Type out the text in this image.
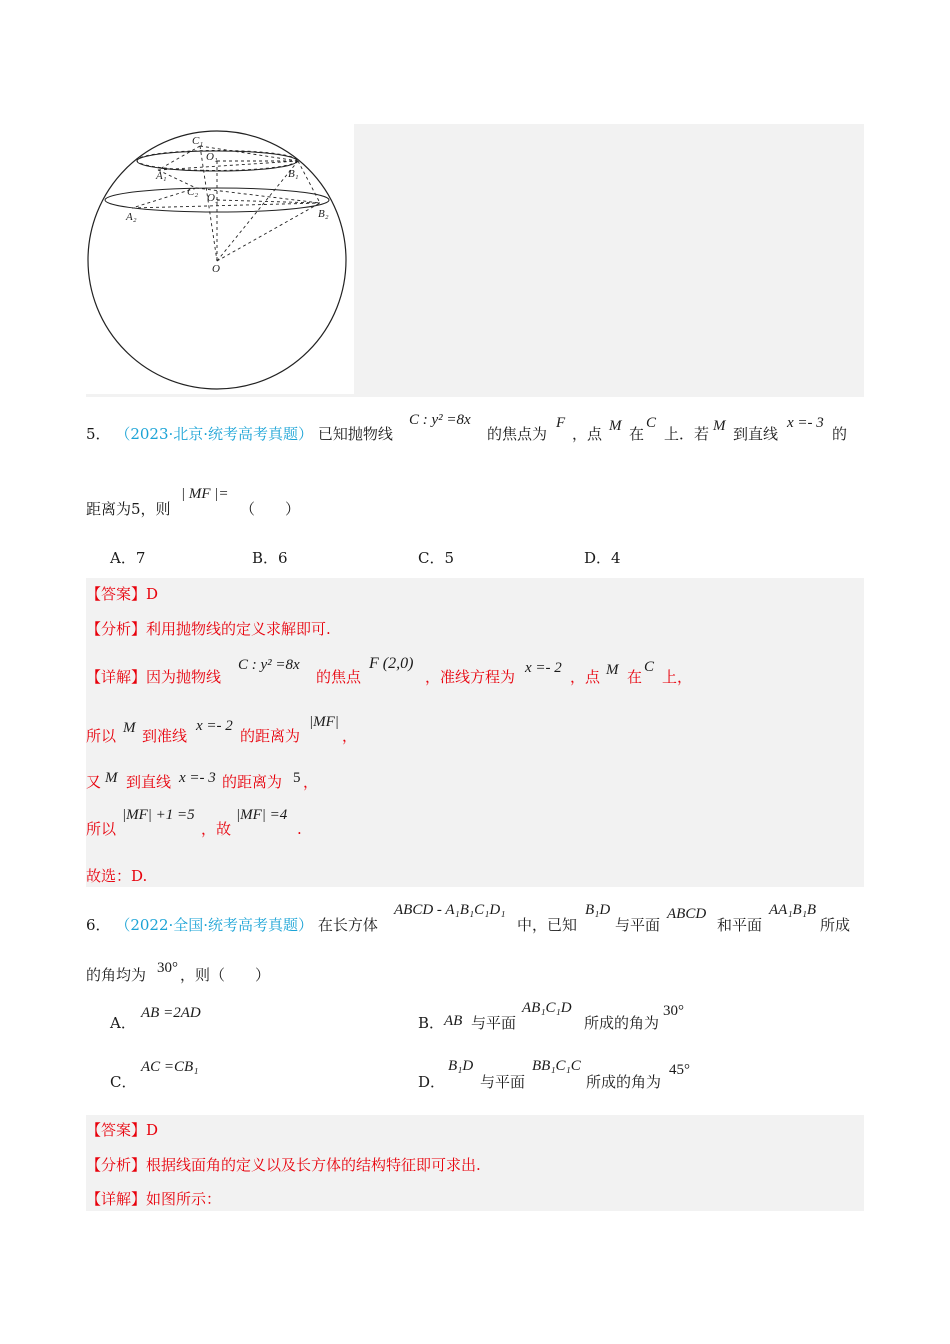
C₁
O₁
A₁	B₁
C₂ O₂
A₂	B₂
O
5． （2023·北京·统考高考真题） 已知抛物线
C : y² =8x
的焦点为
F
，点 M 在
C
上．若 M 到直线
x =- 3
的
距离为5，则
| MF |=
（　　）
A．7	B．6	C．5	D．4
【答案】D
【分析】利用抛物线的定义求解即可.
【详解】因为抛物线
C : y² =8x
的焦点
F (2,0)
，准线方程为 x =- 2 ，点 M 在
C
上，
所以 M 到准线
x =- 2
的距离为
|MF|
，
又 M 到直线 x =- 3 的距离为 5 ，
所以
|MF| +1 =5
，故
|MF| =4
.
故选：D.
6． （2022·全国·统考高考真题） 在长方体
ABCD - A₁B₁C₁D₁
中，已知
B₁D
与平面
ABCD
和平面
AA₁B₁B
所成
的角均为 30° ，则（　　）
A．
AB =2AD
B． AB 与平面
AB₁C₁D
所成的角为
30°
C．
AC =CB₁
D．
B₁D
与平面
BB₁C₁C
所成的角为
45°
【答案】D
【分析】根据线面角的定义以及长方体的结构特征即可求出.
【详解】如图所示：
